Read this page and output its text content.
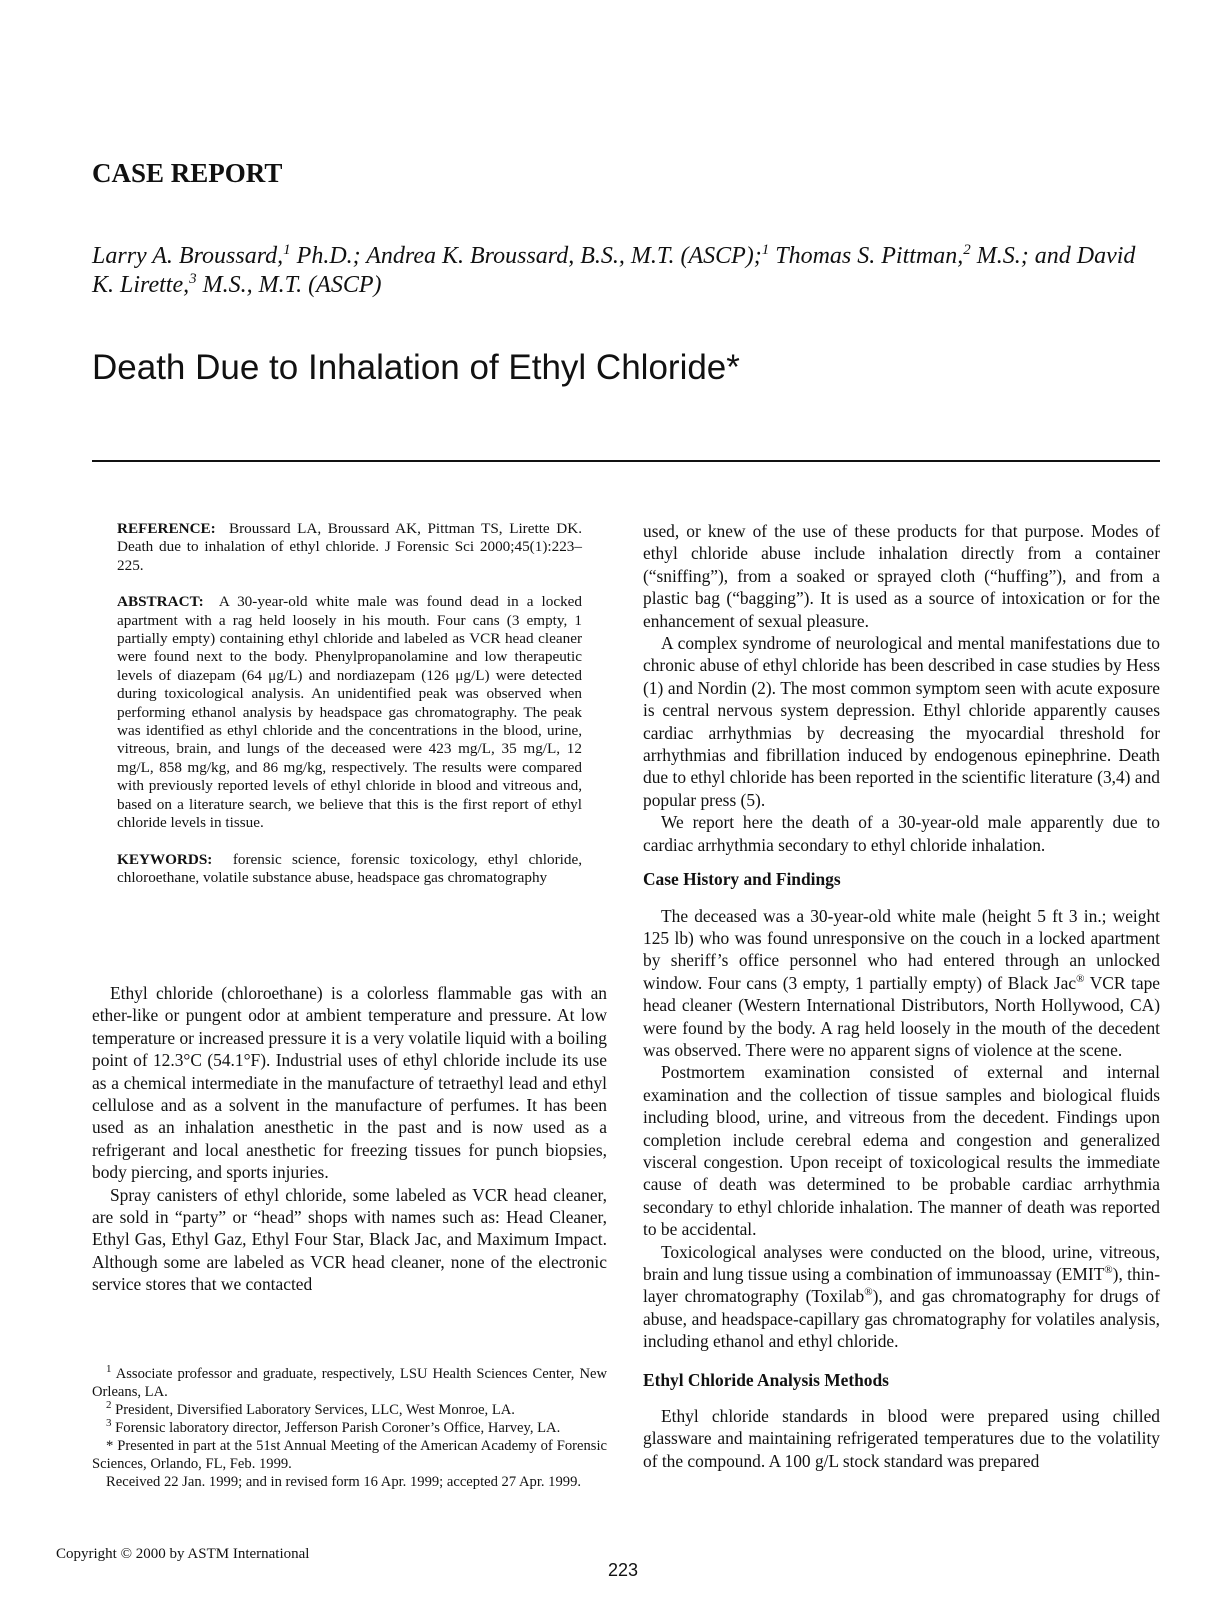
CASE REPORT
Larry A. Broussard,$^1$ Ph.D.; Andrea K. Broussard, B.S., M.T. (ASCP);$^1$ Thomas S. Pittman,$^2$ M.S.; and David K. Lirette,$^3$ M.S., M.T. (ASCP)
Death Due to Inhalation of Ethyl Chloride*

REFERENCE: Broussard LA, Broussard AK, Pittman TS, Lirette DK. Death due to inhalation of ethyl chloride. J Forensic Sci 2000;45(1):223–225.

ABSTRACT: A 30-year-old white male was found dead in a locked apartment with a rag held loosely in his mouth. Four cans (3 empty, 1 partially empty) containing ethyl chloride and labeled as VCR head cleaner were found next to the body. Phenylpropanolamine and low therapeutic levels of diazepam (64 μg/L) and nordiazepam (126 μg/L) were detected during toxicological analysis. An unidentified peak was observed when performing ethanol analysis by headspace gas chromatography. The peak was identified as ethyl chloride and the concentrations in the blood, urine, vitreous, brain, and lungs of the deceased were 423 mg/L, 35 mg/L, 12 mg/L, 858 mg/kg, and 86 mg/kg, respectively. The results were compared with previously reported levels of ethyl chloride in blood and vitreous and, based on a literature search, we believe that this is the first report of ethyl chloride levels in tissue.

KEYWORDS: forensic science, forensic toxicology, ethyl chloride, chloroethane, volatile substance abuse, headspace gas chromatography

Ethyl chloride (chloroethane) is a colorless flammable gas with an ether-like or pungent odor at ambient temperature and pressure. At low temperature or increased pressure it is a very volatile liquid with a boiling point of 12.3°C (54.1°F). Industrial uses of ethyl chloride include its use as a chemical intermediate in the manufacture of tetraethyl lead and ethyl cellulose and as a solvent in the manufacture of perfumes. It has been used as an inhalation anesthetic in the past and is now used as a refrigerant and local anesthetic for freezing tissues for punch biopsies, body piercing, and sports injuries.

Spray canisters of ethyl chloride, some labeled as VCR head cleaner, are sold in “party” or “head” shops with names such as: Head Cleaner, Ethyl Gas, Ethyl Gaz, Ethyl Four Star, Black Jac, and Maximum Impact. Although some are labeled as VCR head cleaner, none of the electronic service stores that we contacted

$^1$ Associate professor and graduate, respectively, LSU Health Sciences Center, New Orleans, LA.

$^2$ President, Diversified Laboratory Services, LLC, West Monroe, LA.

$^3$ Forensic laboratory director, Jefferson Parish Coroner’s Office, Harvey, LA.

* Presented in part at the 51st Annual Meeting of the American Academy of Forensic Sciences, Orlando, FL, Feb. 1999.

Received 22 Jan. 1999; and in revised form 16 Apr. 1999; accepted 27 Apr. 1999.

used, or knew of the use of these products for that purpose. Modes of ethyl chloride abuse include inhalation directly from a container (“sniffing”), from a soaked or sprayed cloth (“huffing”), and from a plastic bag (“bagging”). It is used as a source of intoxication or for the enhancement of sexual pleasure.

A complex syndrome of neurological and mental manifestations due to chronic abuse of ethyl chloride has been described in case studies by Hess (1) and Nordin (2). The most common symptom seen with acute exposure is central nervous system depression. Ethyl chloride apparently causes cardiac arrhythmias by decreasing the myocardial threshold for arrhythmias and fibrillation induced by endogenous epinephrine. Death due to ethyl chloride has been reported in the scientific literature (3,4) and popular press (5).

We report here the death of a 30-year-old male apparently due to cardiac arrhythmia secondary to ethyl chloride inhalation.

Case History and Findings

The deceased was a 30-year-old white male (height 5 ft 3 in.; weight 125 lb) who was found unresponsive on the couch in a locked apartment by sheriff’s office personnel who had entered through an unlocked window. Four cans (3 empty, 1 partially empty) of Black Jac® VCR tape head cleaner (Western International Distributors, North Hollywood, CA) were found by the body. A rag held loosely in the mouth of the decedent was observed. There were no apparent signs of violence at the scene.

Postmortem examination consisted of external and internal examination and the collection of tissue samples and biological fluids including blood, urine, and vitreous from the decedent. Findings upon completion include cerebral edema and congestion and generalized visceral congestion. Upon receipt of toxicological results the immediate cause of death was determined to be probable cardiac arrhythmia secondary to ethyl chloride inhalation. The manner of death was reported to be accidental.

Toxicological analyses were conducted on the blood, urine, vitreous, brain and lung tissue using a combination of immunoassay (EMIT®), thin-layer chromatography (Toxilab®), and gas chromatography for drugs of abuse, and headspace-capillary gas chromatography for volatiles analysis, including ethanol and ethyl chloride.

Ethyl Chloride Analysis Methods

Ethyl chloride standards in blood were prepared using chilled glassware and maintaining refrigerated temperatures due to the volatility of the compound. A 100 g/L stock standard was prepared

Copyright © 2000 by ASTM International
223
